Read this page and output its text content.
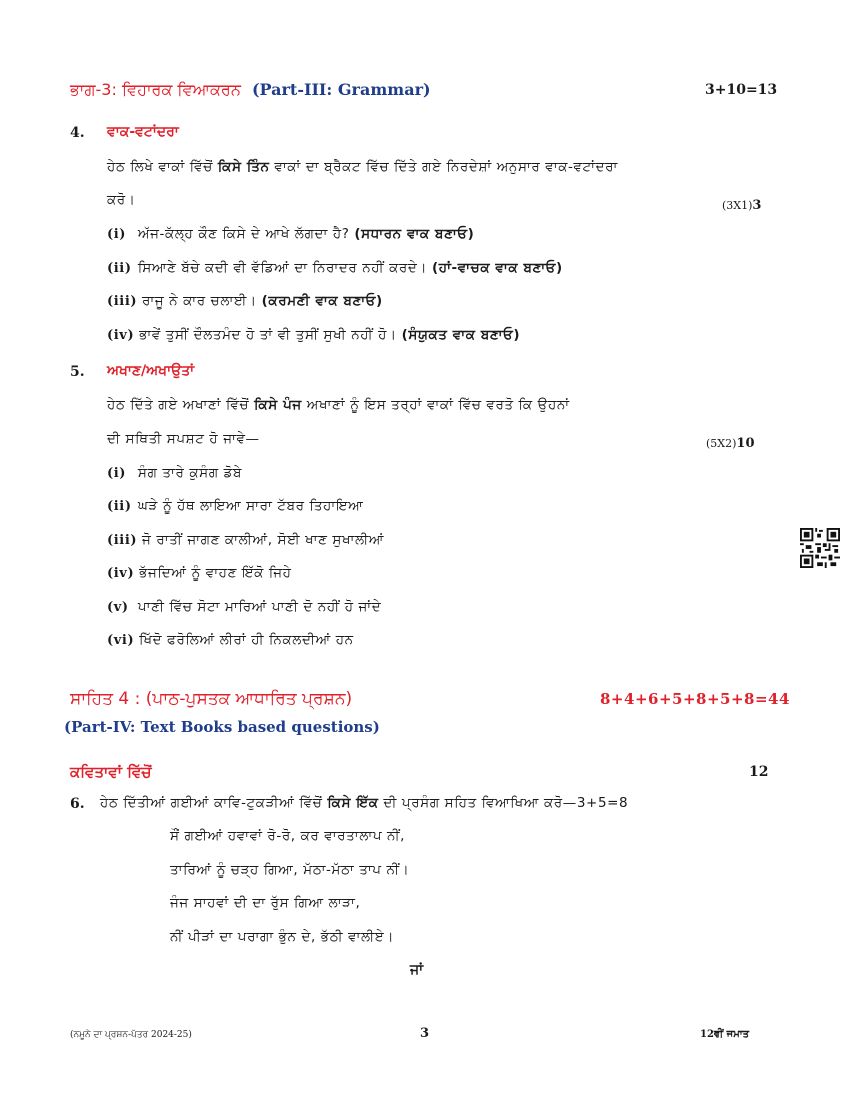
ਭਾਗ-3: ਵਿਹਾਰਕ ਵਿਆਕਰਨ (Part-III: Grammar)	3+10=13
4. ਵਾਕ-ਵਟਾਂਦਰਾ
ਹੇਠ ਲਿਖੇ ਵਾਕਾਂ ਵਿੱਚੋਂ ਕਿਸੇ ਤਿੰਨ ਵਾਕਾਂ ਦਾ ਬ੍ਰੈਕਟ ਵਿੱਚ ਦਿੱਤੇ ਗਏ ਨਿਰਦੇਸ਼ਾਂ ਅਨੁਸਾਰ ਵਾਕ-ਵਟਾਂਦਰਾ
ਕਰੋ।	(3X1)3
(i) ਅੱਜ-ਕੱਲ੍ਹ ਕੌਣ ਕਿਸੇ ਦੇ ਆਖੇ ਲੱਗਦਾ ਹੈ? (ਸਧਾਰਨ ਵਾਕ ਬਣਾਓ)
(ii) ਸਿਆਣੇ ਬੱਚੇ ਕਦੀ ਵੀ ਵੱਡਿਆਂ ਦਾ ਨਿਰਾਦਰ ਨਹੀਂ ਕਰਦੇ। (ਹਾਂ-ਵਾਚਕ ਵਾਕ ਬਣਾਓ)
(iii) ਰਾਜੂ ਨੇ ਕਾਰ ਚਲਾਈ। (ਕਰਮਣੀ ਵਾਕ ਬਣਾਓ)
(iv) ਭਾਵੇਂ ਤੁਸੀਂ ਦੌਲਤਮੰਦ ਹੋ ਤਾਂ ਵੀ ਤੁਸੀਂ ਸੁਖੀ ਨਹੀਂ ਹੋ। (ਸੰਯੁਕਤ ਵਾਕ ਬਣਾਓ)
5. ਅਖਾਣ/ਅਖਾਉਤਾਂ
ਹੇਠ ਦਿੱਤੇ ਗਏ ਅਖਾਣਾਂ ਵਿੱਚੋਂ ਕਿਸੇ ਪੰਜ ਅਖਾਣਾਂ ਨੂੰ ਇਸ ਤਰ੍ਹਾਂ ਵਾਕਾਂ ਵਿੱਚ ਵਰਤੋ ਕਿ ਉਹਨਾਂ
ਦੀ ਸਥਿਤੀ ਸਪਸ਼ਟ ਹੋ ਜਾਵੇ—	(5X2)10
(i) ਸੰਗ ਤਾਰੇ ਕੁਸੰਗ ਡੋਬੇ
(ii) ਘੜੇ ਨੂੰ ਹੱਥ ਲਾਇਆ ਸਾਰਾ ਟੱਬਰ ਤਿਹਾਇਆ
(iii) ਜੋ ਰਾਤੀਂ ਜਾਗਣ ਕਾਲੀਆਂ, ਸੋਈ ਖਾਣ ਸੁਖਾਲੀਆਂ
(iv) ਭੱਜਦਿਆਂ ਨੂੰ ਵਾਹਣ ਇੱਕੋ ਜਿਹੇ
(v) ਪਾਣੀ ਵਿੱਚ ਸੋਟਾ ਮਾਰਿਆਂ ਪਾਣੀ ਦੋ ਨਹੀਂ ਹੋ ਜਾਂਦੇ
(vi) ਖਿੱਦੋ ਫਰੋਲਿਆਂ ਲੀਰਾਂ ਹੀ ਨਿਕਲਦੀਆਂ ਹਨ
ਸਾਹਿਤ 4 : (ਪਾਠ-ਪੁਸਤਕ ਆਧਾਰਿਤ ਪ੍ਰਸ਼ਨ)	8+4+6+5+8+5+8=44
(Part-IV: Text Books based questions)
ਕਵਿਤਾਵਾਂ ਵਿੱਚੋਂ	12
6. ਹੇਠ ਦਿੱਤੀਆਂ ਗਈਆਂ ਕਾਵਿ-ਟੁਕੜੀਆਂ ਵਿੱਚੋਂ ਕਿਸੇ ਇੱਕ ਦੀ ਪ੍ਰਸੰਗ ਸਹਿਤ ਵਿਆਖਿਆ ਕਰੋ—3+5=8
ਸੌਂ ਗਈਆਂ ਹਵਾਵਾਂ ਰੋ-ਰੋ, ਕਰ ਵਾਰਤਾਲਾਪ ਨੀਂ,
ਤਾਰਿਆਂ ਨੂੰ ਚੜ੍ਹ ਗਿਆ, ਮੱਠਾ-ਮੱਠਾ ਤਾਪ ਨੀਂ।
ਜੰਜ ਸਾਹਵਾਂ ਦੀ ਦਾ ਰੁੱਸ ਗਿਆ ਲਾੜਾ,
ਨੀਂ ਪੀੜਾਂ ਦਾ ਪਰਾਗਾ ਭੁੰਨ ਦੇ, ਭੱਠੀ ਵਾਲੀਏ।
ਜਾਂ
(ਨਮੂਨੇ ਦਾ ਪ੍ਰਸ਼ਨ-ਪੱਤਰ 2024-25)	3	12ਵੀਂ ਜਮਾਤ
